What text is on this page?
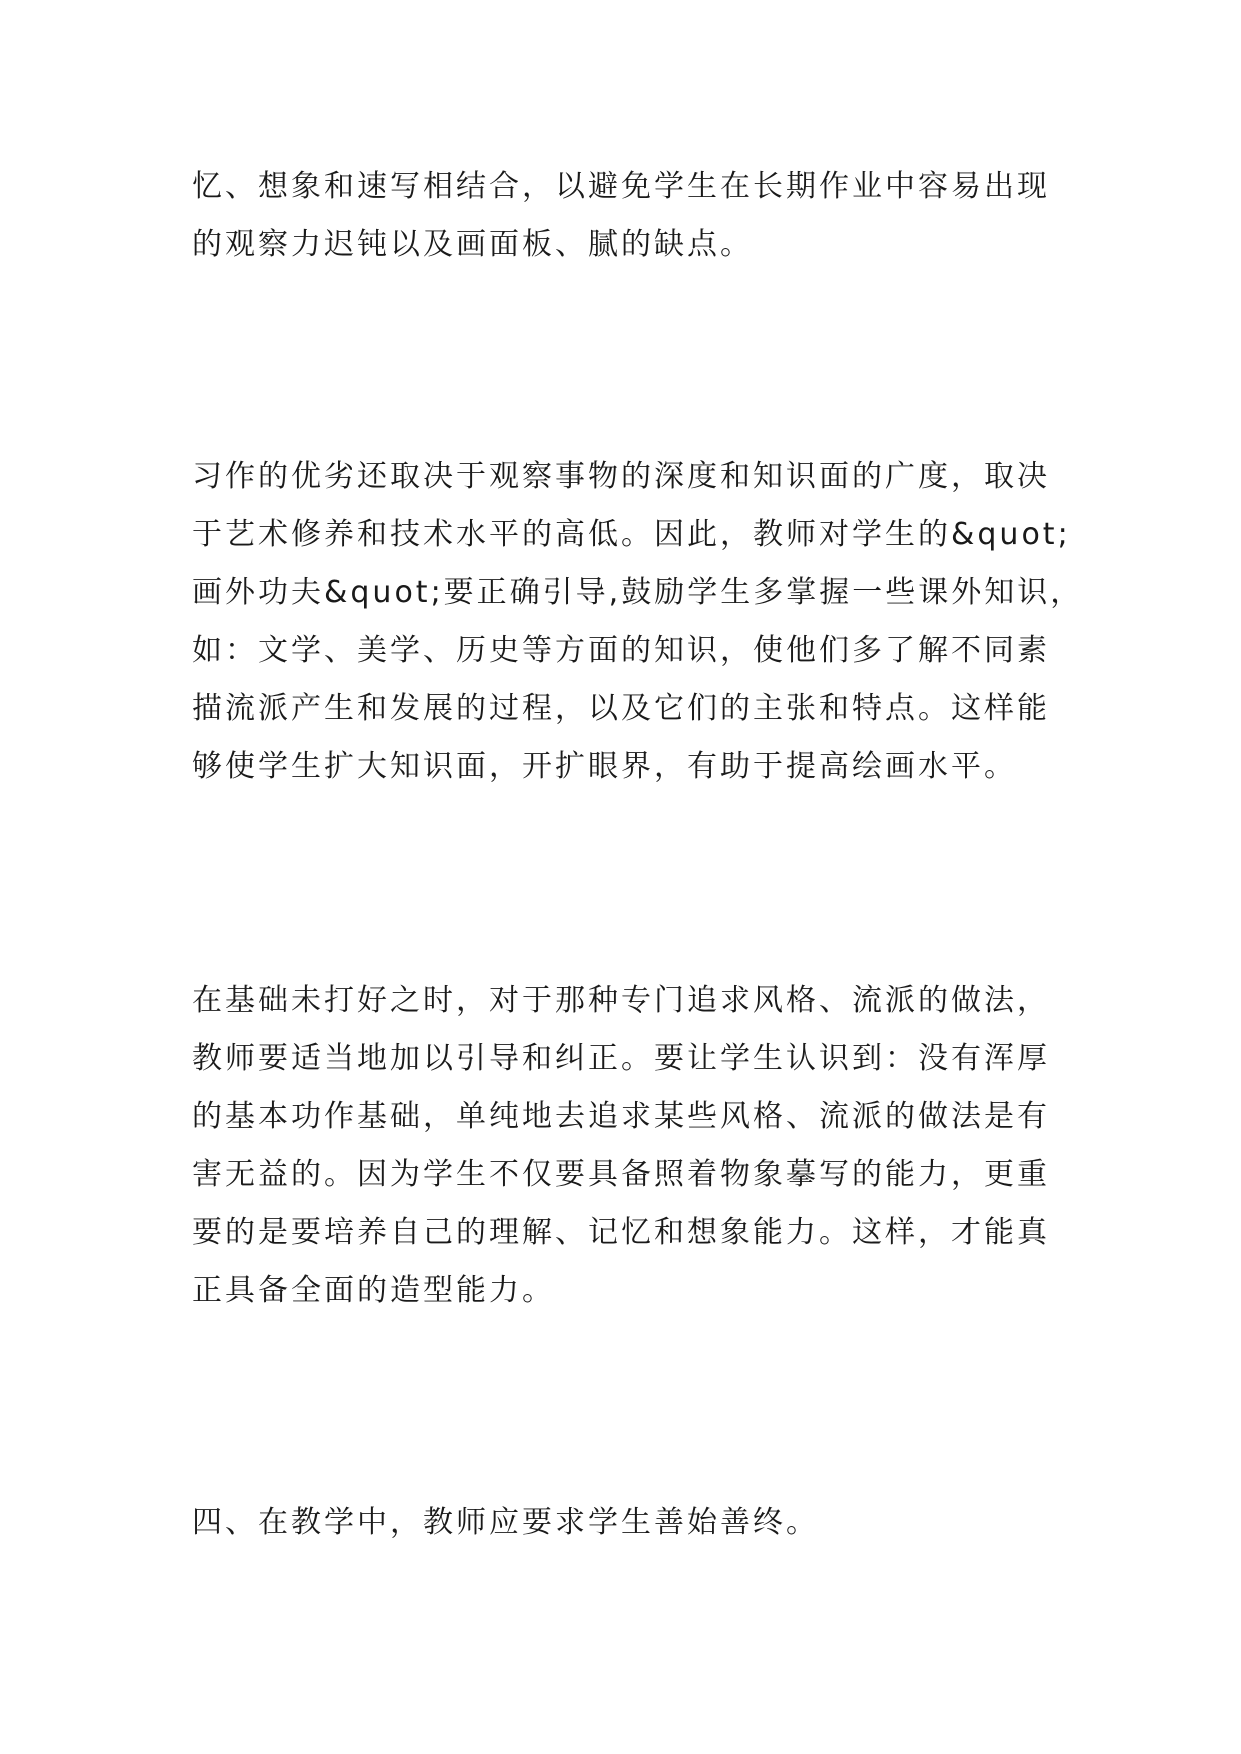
忆、想象和速写相结合，以避免学生在长期作业中容易出现
的观察力迟钝以及画面板、腻的缺点。
习作的优劣还取决于观察事物的深度和知识面的广度，取决
于艺术修养和技术水平的高低。因此，教师对学生的&quot;
画外功夫&quot;要正确引导,鼓励学生多掌握一些课外知识，
如：文学、美学、历史等方面的知识，使他们多了解不同素
描流派产生和发展的过程，以及它们的主张和特点。这样能
够使学生扩大知识面，开扩眼界，有助于提高绘画水平。
在基础未打好之时，对于那种专门追求风格、流派的做法，
教师要适当地加以引导和纠正。要让学生认识到：没有浑厚
的基本功作基础，单纯地去追求某些风格、流派的做法是有
害无益的。因为学生不仅要具备照着物象摹写的能力，更重
要的是要培养自己的理解、记忆和想象能力。这样，才能真
正具备全面的造型能力。
四、在教学中，教师应要求学生善始善终。
